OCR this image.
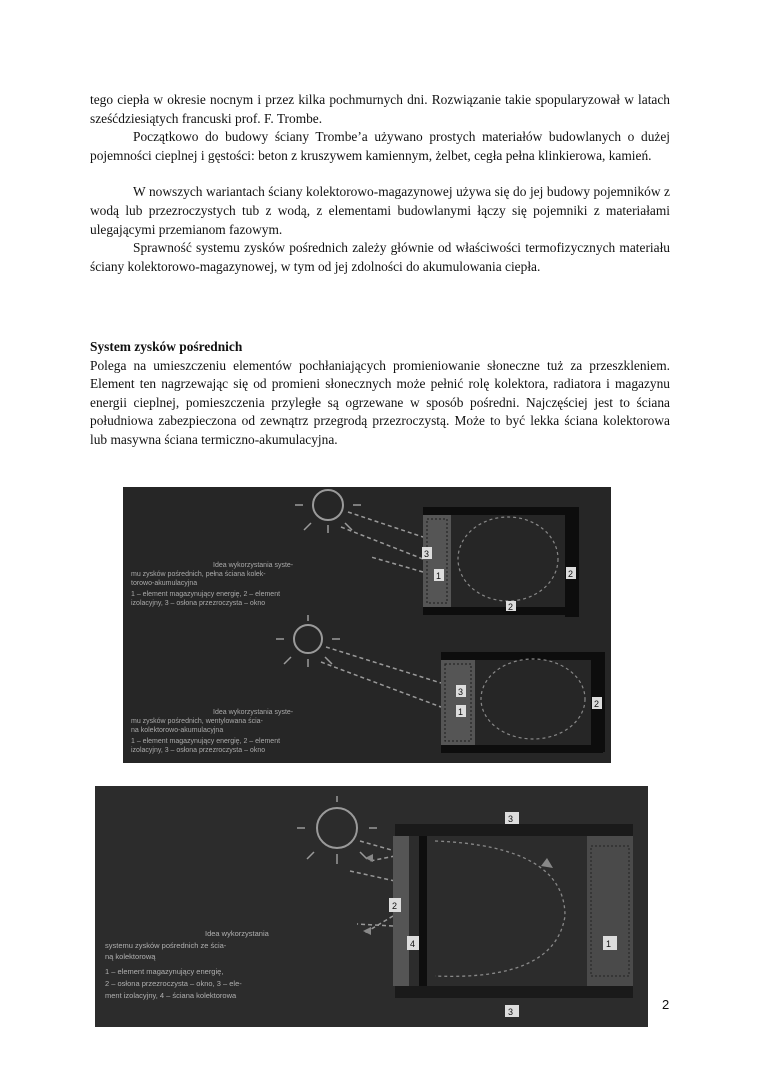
tego ciepła w okresie nocnym i przez kilka pochmurnych dni. Rozwiązanie takie spopularyzował w latach sześćdziesiątych francuski prof. F. Trombe.

Początkowo do budowy ściany Trombe’a używano prostych materiałów budowlanych o dużej pojemności cieplnej i gęstości: beton z kruszywem kamiennym, żelbet, cegła pełna klinkierowa, kamień.

W nowszych wariantach ściany kolektorowo-magazynowej używa się do jej budowy pojemników z wodą lub przezroczystych tub z wodą, z elementami budowlanymi łączy się pojemniki z materiałami ulegającymi przemianom fazowym.

Sprawność systemu zysków pośrednich zależy głównie od właściwości termofizycznych materiału ściany kolektorowo-magazynowej, w tym od jej zdolności do akumulowania ciepła.

System zysków pośrednich

Polega na umieszczeniu elementów pochłaniających promieniowanie słoneczne tuż za przeszkleniem. Element ten nagrzewając się od promieni słonecznych może pełnić rolę kolektora, radiatora i magazynu energii cieplnej, pomieszczenia przyległe są ogrzewane w sposób pośredni. Najczęściej jest to ściana południowa zabezpieczona od zewnątrz przegrodą przezroczystą. Może to być lekka ściana kolektorowa lub masywna ściana termiczno-akumulacyjna.

3
1	2
2
Idea wykorzystania syste-
mu zysków pośrednich, pełna ściana kolek-
torowo-akumulacyjna
1 – element magazynujący energię, 2 – element
izolacyjny, 3 – osłona przezroczysta – okno
3
1
2
Idea wykorzystania syste-
mu zysków pośrednich, wentylowana ścia-
na kolektorowo-akumulacyjna
1 – element magazynujący energię, 2 – element
izolacyjny, 3 – osłona przezroczysta – okno
3
2
4	1
3
Idea wykorzystania
systemu zysków pośrednich ze ścia-
ną kolektorową
1 – element magazynujący energię,
2 – osłona przezroczysta – okno, 3 – ele-
ment izolacyjny, 4 – ściana kolektorowa
2
